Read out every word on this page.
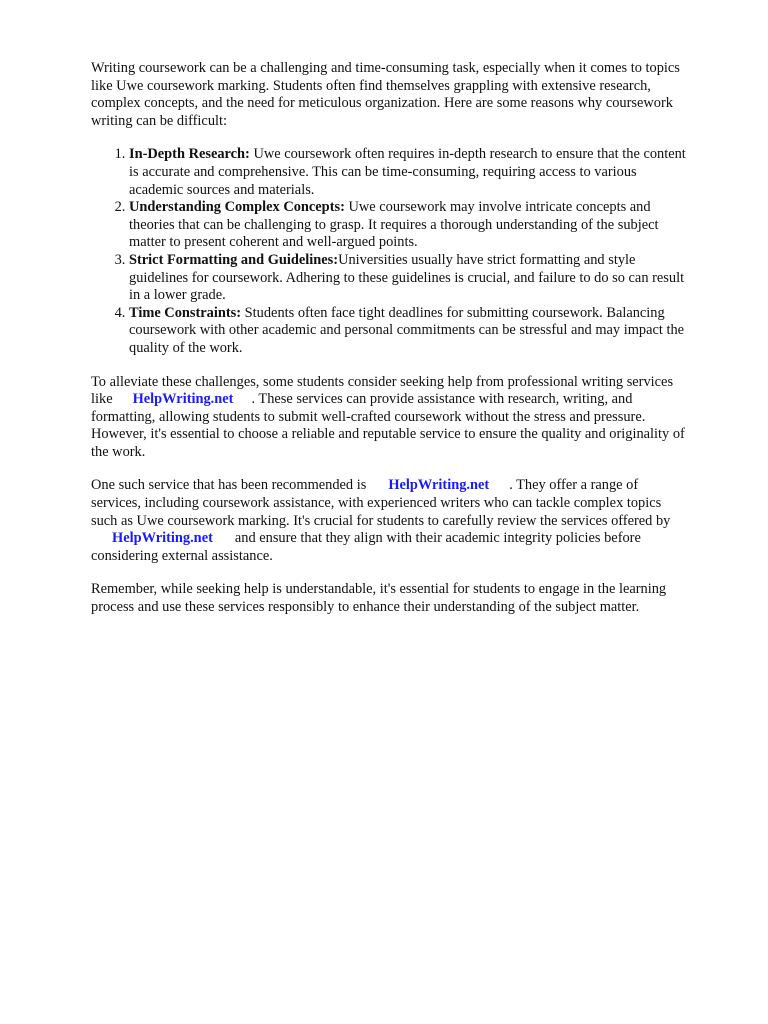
Writing coursework can be a challenging and time-consuming task, especially when it comes to topics like Uwe coursework marking. Students often find themselves grappling with extensive research, complex concepts, and the need for meticulous organization. Here are some reasons why coursework writing can be difficult:

1. In-Depth Research: Uwe coursework often requires in-depth research to ensure that the content is accurate and comprehensive. This can be time-consuming, requiring access to various academic sources and materials.
2. Understanding Complex Concepts: Uwe coursework may involve intricate concepts and theories that can be challenging to grasp. It requires a thorough understanding of the subject matter to present coherent and well-argued points.
3. Strict Formatting and Guidelines:Universities usually have strict formatting and style guidelines for coursework. Adhering to these guidelines is crucial, and failure to do so can result in a lower grade.
4. Time Constraints: Students often face tight deadlines for submitting coursework. Balancing coursework with other academic and personal commitments can be stressful and may impact the quality of the work.

To alleviate these challenges, some students consider seeking help from professional writing services like HelpWriting.net . These services can provide assistance with research, writing, and formatting, allowing students to submit well-crafted coursework without the stress and pressure. However, it's essential to choose a reliable and reputable service to ensure the quality and originality of the work.

One such service that has been recommended is HelpWriting.net . They offer a range of services, including coursework assistance, with experienced writers who can tackle complex topics such as Uwe coursework marking. It's crucial for students to carefully review the services offered byHelpWriting.net and ensure that they align with their academic integrity policies before considering external assistance.

Remember, while seeking help is understandable, it's essential for students to engage in the learning process and use these services responsibly to enhance their understanding of the subject matter.
